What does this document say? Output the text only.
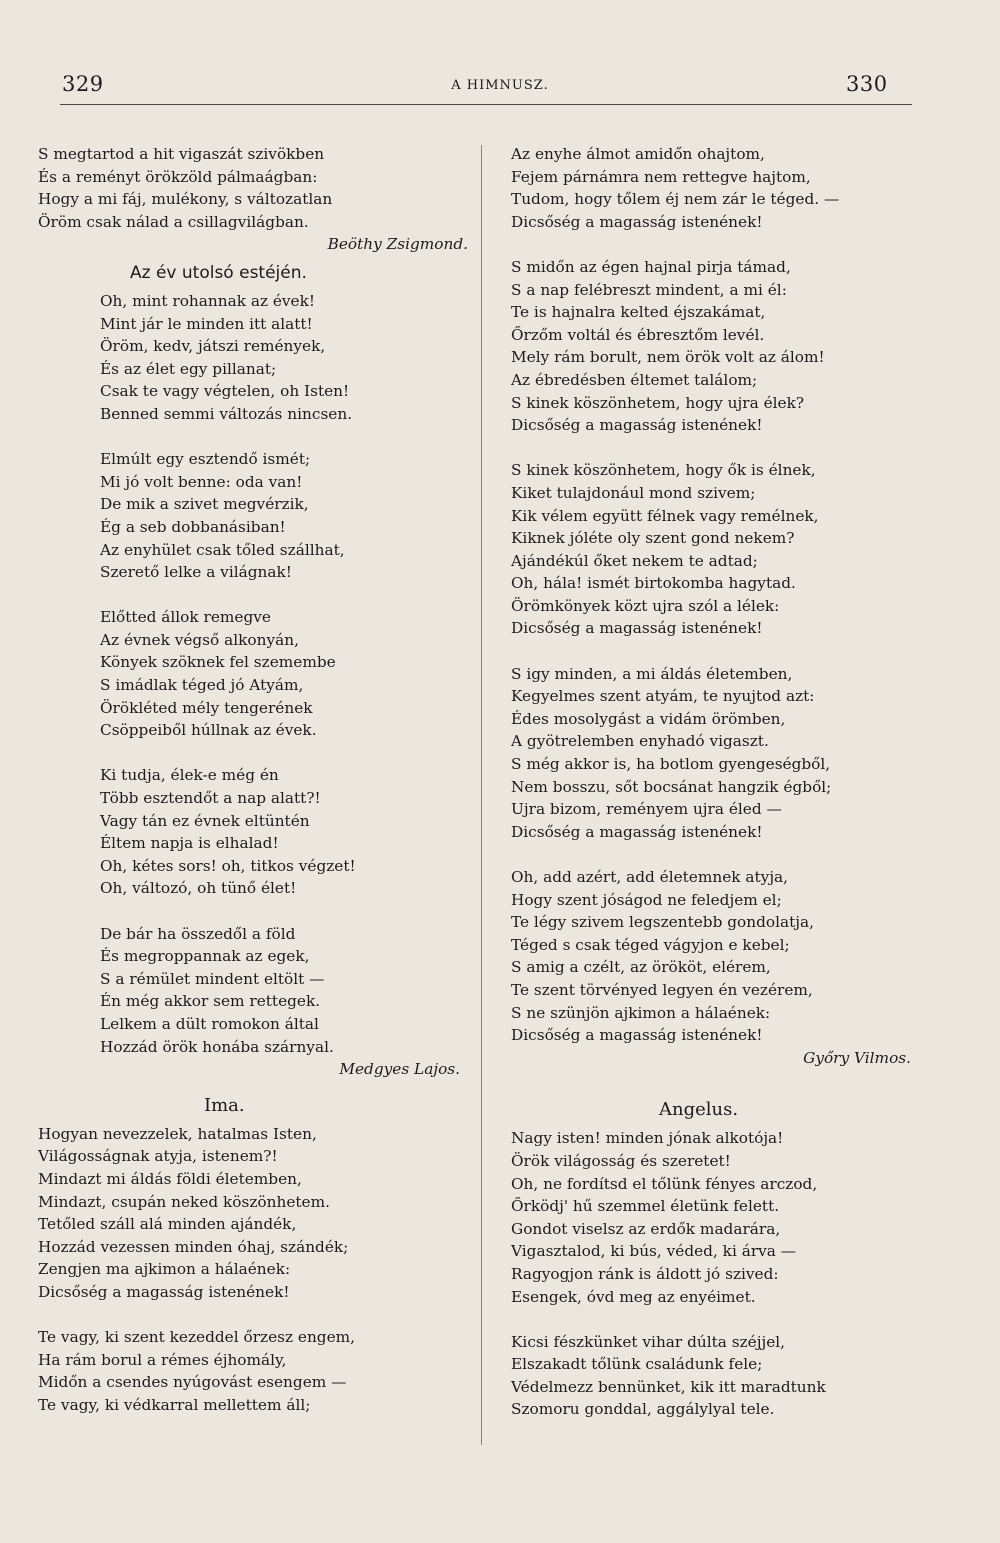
329	A HIMNUSZ.	330
S megtartod a hit vigaszát szivökben
És a reményt örökzöld pálmaágban:
Hogy a mi fáj, mulékony, s változatlan
Öröm csak nálad a csillagvilágban.
Beöthy Zsigmond.
Az év utolsó estéjén.
Oh, mint rohannak az évek!
Mint jár le minden itt alatt!
Öröm, kedv, játszi remények,
És az élet egy pillanat;
Csak te vagy végtelen, oh Isten!
Benned semmi változás nincsen.
Elmúlt egy esztendő ismét;
Mi jó volt benne: oda van!
De mik a szivet megvérzik,
Ég a seb dobbanásiban!
Az enyhület csak tőled szállhat,
Szerető lelke a világnak!
Előtted állok remegve
Az évnek végső alkonyán,
Könyek szöknek fel szemembe
S imádlak téged jó Atyám,
Örökléted mély tengerének
Csöppeiből húllnak az évek.
Ki tudja, élek-e még én
Több esztendőt a nap alatt?!
Vagy tán ez évnek eltüntén
Éltem napja is elhalad!
Oh, kétes sors! oh, titkos végzet!
Oh, változó, oh tünő élet!
De bár ha összedől a föld
És megroppannak az egek,
S a rémület mindent eltölt —
Én még akkor sem rettegek.
Lelkem a dült romokon által
Hozzád örök honába szárnyal.
Medgyes Lajos.
Ima.
Hogyan nevezzelek, hatalmas Isten,
Világosságnak atyja, istenem?!
Mindazt mi áldás földi életemben,
Mindazt, csupán neked köszönhetem.
Tetőled száll alá minden ajándék,
Hozzád vezessen minden óhaj, szándék;
Zengjen ma ajkimon a hálaének:
Dicsőség a magasság istenének!
Te vagy, ki szent kezeddel őrzesz engem,
Ha rám borul a rémes éjhomály,
Midőn a csendes nyúgovást esengem —
Te vagy, ki védkarral mellettem áll;
Az enyhe álmot amidőn ohajtom,
Fejem párnámra nem rettegve hajtom,
Tudom, hogy tőlem éj nem zár le téged. —
Dicsőség a magasság istenének!
S midőn az égen hajnal pirja támad,
S a nap felébreszt mindent, a mi él:
Te is hajnalra kelted éjszakámat,
Őrzőm voltál és ébresztőm levél.
Mely rám borult, nem örök volt az álom!
Az ébredésben éltemet találom;
S kinek köszönhetem, hogy ujra élek?
Dicsőség a magasság istenének!
S kinek köszönhetem, hogy ők is élnek,
Kiket tulajdonául mond szivem;
Kik vélem együtt félnek vagy remélnek,
Kiknek jóléte oly szent gond nekem?
Ajándékúl őket nekem te adtad;
Oh, hála! ismét birtokomba hagytad.
Örömkönyek közt ujra szól a lélek:
Dicsőség a magasság istenének!
S igy minden, a mi áldás életemben,
Kegyelmes szent atyám, te nyujtod azt:
Édes mosolygást a vidám örömben,
A gyötrelemben enyhadó vigaszt.
S még akkor is, ha botlom gyengeségből,
Nem bosszu, sőt bocsánat hangzik égből;
Ujra bizom, reményem ujra éled —
Dicsőség a magasság istenének!
Oh, add azért, add életemnek atyja,
Hogy szent jóságod ne feledjem el;
Te légy szivem legszentebb gondolatja,
Téged s csak téged vágyjon e kebel;
S amig a czélt, az örököt, elérem,
Te szent törvényed legyen én vezérem,
S ne szünjön ajkimon a hálaének:
Dicsőség a magasság istenének!
Győry Vilmos.
Angelus.
Nagy isten! minden jónak alkotója!
Örök világosság és szeretet!
Oh, ne fordítsd el tőlünk fényes arczod,
Őrködj' hű szemmel életünk felett.
Gondot viselsz az erdők madarára,
Vigasztalod, ki bús, véded, ki árva —
Ragyogjon ránk is áldott jó szived:
Esengek, óvd meg az enyéimet.
Kicsi fészkünket vihar dúlta széjjel,
Elszakadt tőlünk családunk fele;
Védelmezz bennünket, kik itt maradtunk
Szomoru gonddal, aggálylyal tele.
